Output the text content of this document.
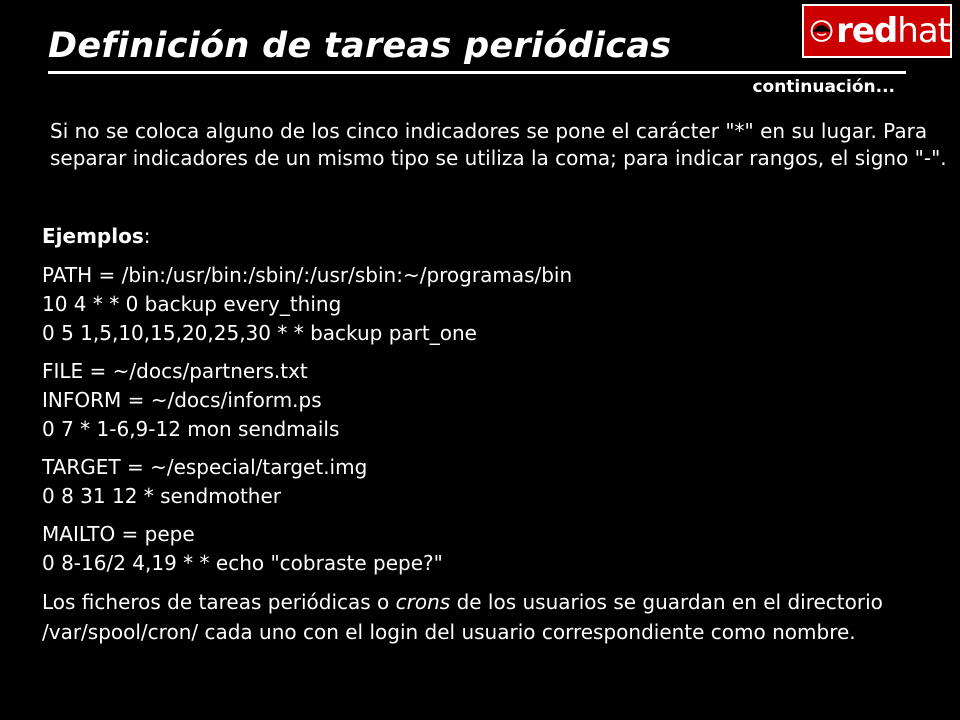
Definición de tareas periódicas
continuación...
redhat
Si no se coloca alguno de los cinco indicadores se pone el carácter "*" en su lugar. Para separar indicadores de un mismo tipo se utiliza la coma; para indicar rangos, el signo "-".
Ejemplos:
PATH = /bin:/usr/bin:/sbin/:/usr/sbin:~/programas/bin
10 4 * * 0 backup every_thing
0 5 1,5,10,15,20,25,30 * * backup part_one
FILE = ~/docs/partners.txt
INFORM = ~/docs/inform.ps
0 7 * 1-6,9-12 mon sendmails
TARGET = ~/especial/target.img
0 8 31 12 * sendmother
MAILTO = pepe
0 8-16/2 4,19 * * echo "cobraste pepe?"
Los ficheros de tareas periódicas o crons de los usuarios se guardan en el directorio /var/spool/cron/ cada uno con el login del usuario correspondiente como nombre.
